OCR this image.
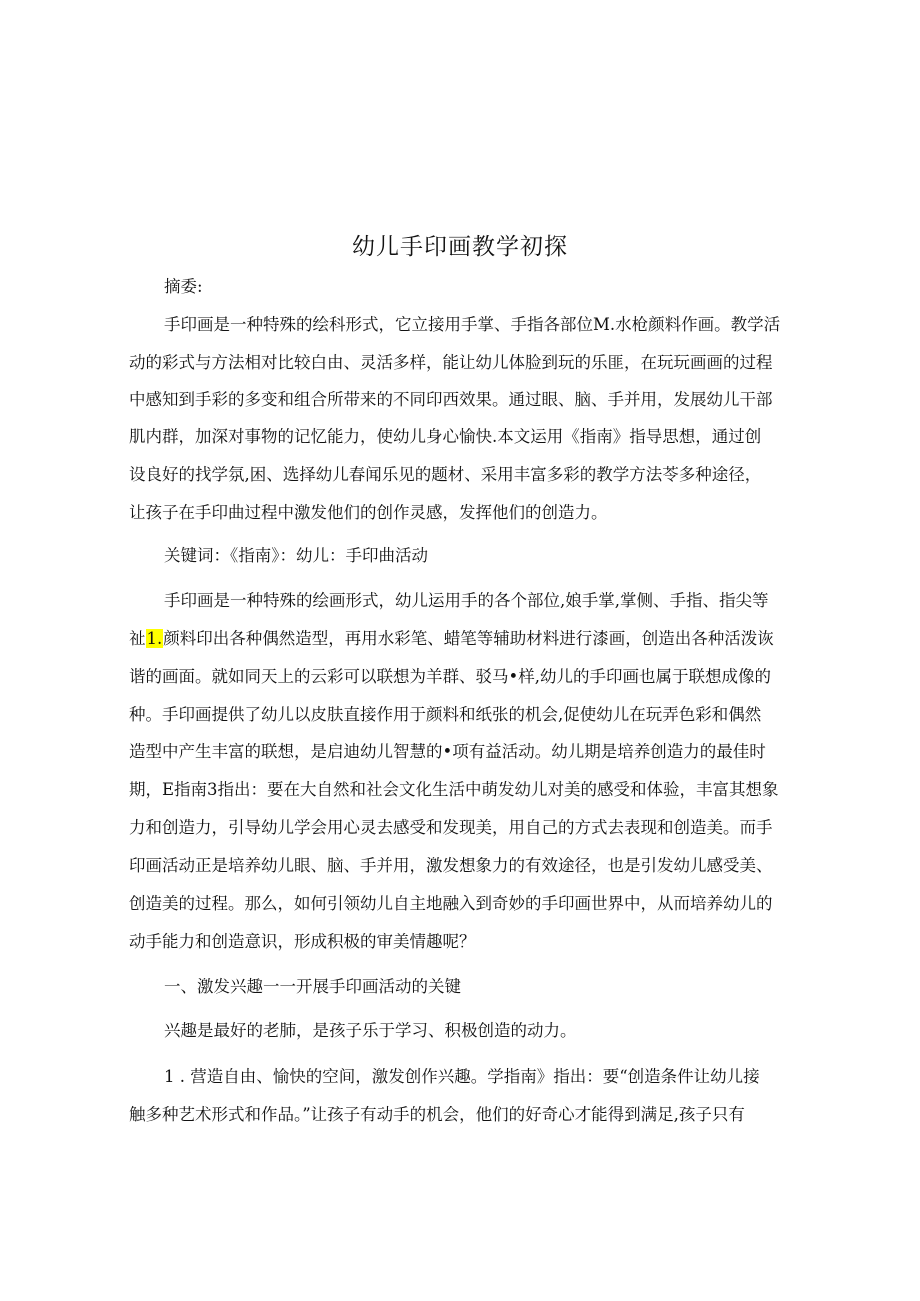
幼儿手印画教学初探

摘委:

手印画是一种特殊的绘科形式，它立接用手掌、手指各部位M.水枪颜料作画。教学活

动的彩式与方法相对比较白由、灵活多样，能让幼儿体脸到玩的乐匪，在玩玩画画的过程

中感知到手彩的多变和组合所带来的不同印西效果。通过眼、脑、手并用，发展幼儿干部

肌内群，加深对事物的记忆能力，使幼儿身心愉快.本文运用《指南》指导思想，通过创

设良好的找学氛,困、选择幼儿春闻乐见的题材、采用丰富多彩的教学方法苓多种途径，

让孩子在手印曲过程中激发他们的创作灵感，发挥他们的创造力。

关键词：《指南》：幼儿：手印曲活动

手印画是一种特殊的绘画形式，幼儿运用手的各个部位,娘手掌,掌侧、手指、指尖等

祉1.颜料印出各种偶然造型，再用水彩笔、蜡笔等辅助材料进行漆画，创造出各种活泼诙

谐的画面。就如同天上的云彩可以联想为羊群、驳马•样,幼儿的手印画也属于联想成像的

种。手印画提供了幼儿以皮肤直接作用于颜料和纸张的机会,促使幼儿在玩弄色彩和偶然

造型中产生丰富的联想，是启迪幼儿智慧的•项有益活动。幼儿期是培养创造力的最佳时

期，E指南3指出：要在大自然和社会文化生活中萌发幼儿对美的感受和体验，丰富其想象

力和创造力，引导幼儿学会用心灵去感受和发现美，用自己的方式去表现和创造美。而手

印画活动正是培养幼儿眼、脑、手并用，激发想象力的有效途径，也是引发幼儿感受美、

创造美的过程。那么，如何引领幼儿自主地融入到奇妙的手印画世界中，从而培养幼儿的

动手能力和创造意识，形成积极的审美情趣呢？

一、激发兴趣一一开展手印画活动的关键

兴趣是最好的老肺，是孩子乐于学习、积极创造的动力。

1 . 营造自由、愉快的空间，激发创作兴趣。学指南》指出：要“创造条件让幼儿接

触多种艺术形式和作品。”让孩子有动手的机会，他们的好奇心才能得到满足,孩子只有
